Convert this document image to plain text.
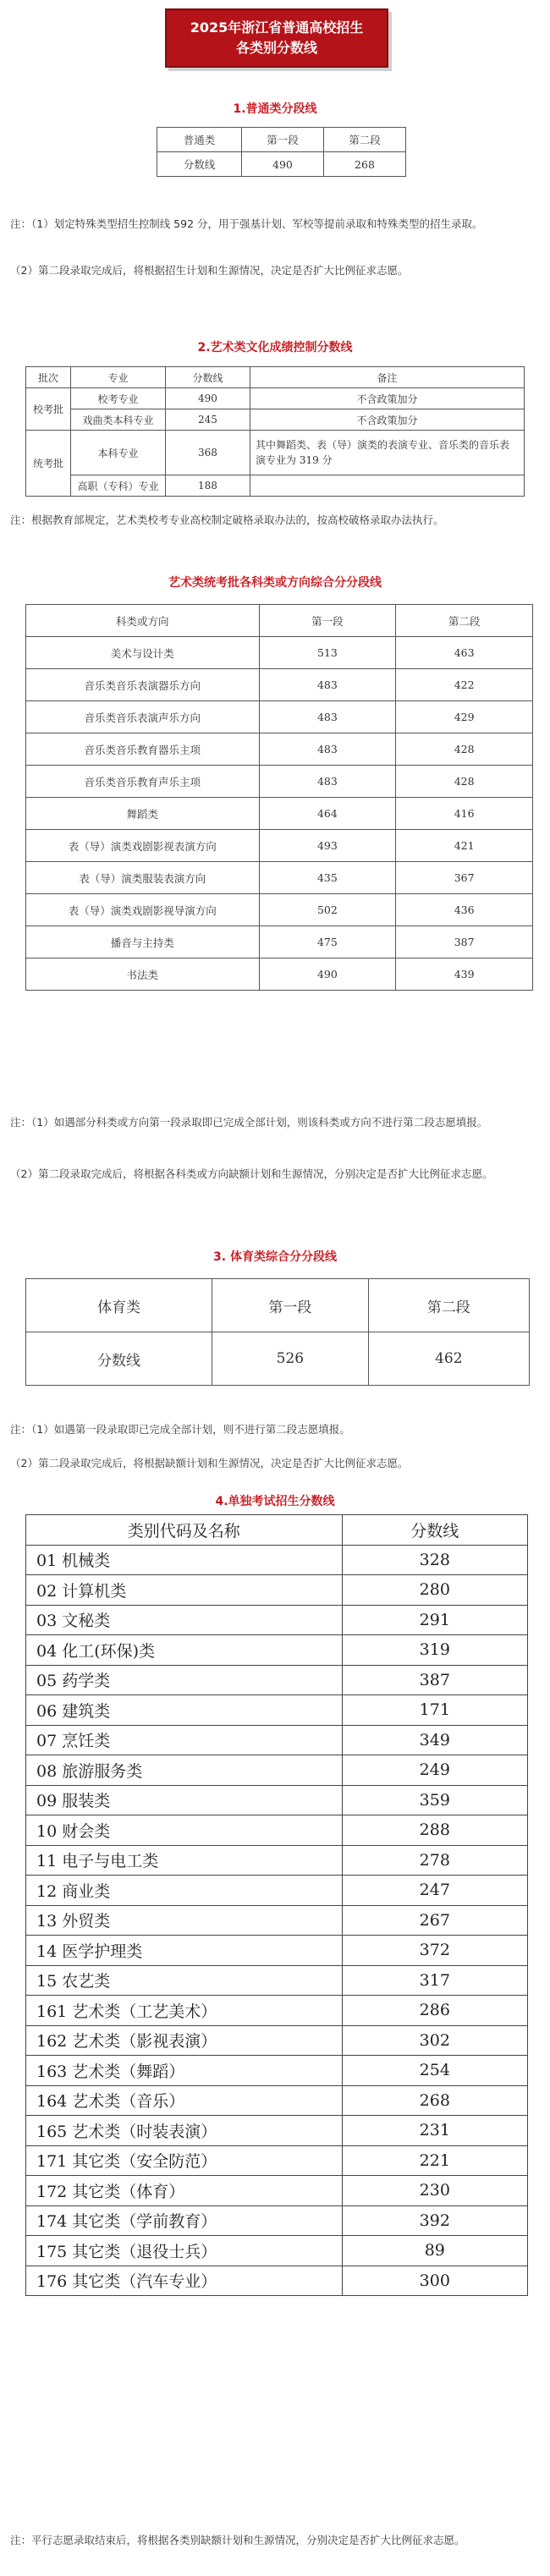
2025年浙江省普通高校招生
各类别分数线
1.普通类分段线
普通类	第一段	第二段
分数线	490	268
注：（1）划定特殊类型招生控制线 592 分，用于强基计划、军校等提前录取和特殊类型的招生录取。
（2）第二段录取完成后，将根据招生计划和生源情况，决定是否扩大比例征求志愿。
2.艺术类文化成绩控制分数线
批次	专业	分数线	备注
校考批	校考专业	490	不含政策加分
	戏曲类本科专业	245	不含政策加分
统考批	本科专业	368	其中舞蹈类、表（导）演类的表演专业、音乐类的音乐表演专业为 319 分
	高职（专科）专业	188	
注：根据教育部规定，艺术类校考专业高校制定破格录取办法的，按高校破格录取办法执行。
艺术类统考批各科类或方向综合分分段线
科类或方向	第一段	第二段
美术与设计类	513	463
音乐类音乐表演器乐方向	483	422
音乐类音乐表演声乐方向	483	429
音乐类音乐教育器乐主项	483	428
音乐类音乐教育声乐主项	483	428
舞蹈类	464	416
表（导）演类戏剧影视表演方向	493	421
表（导）演类服装表演方向	435	367
表（导）演类戏剧影视导演方向	502	436
播音与主持类	475	387
书法类	490	439
注：（1）如遇部分科类或方向第一段录取即已完成全部计划，则该科类或方向不进行第二段志愿填报。
（2）第二段录取完成后，将根据各科类或方向缺额计划和生源情况，分别决定是否扩大比例征求志愿。
3. 体育类综合分分段线
体育类	第一段	第二段
分数线	526	462
注：（1）如遇第一段录取即已完成全部计划，则不进行第二段志愿填报。
（2）第二段录取完成后，将根据缺额计划和生源情况，决定是否扩大比例征求志愿。
4.单独考试招生分数线
类别代码及名称	分数线
01 机械类	328
02 计算机类	280
03 文秘类	291
04 化工(环保)类	319
05 药学类	387
06 建筑类	171
07 烹饪类	349
08 旅游服务类	249
09 服装类	359
10 财会类	288
11 电子与电工类	278
12 商业类	247
13 外贸类	267
14 医学护理类	372
15 农艺类	317
161 艺术类（工艺美术）	286
162 艺术类（影视表演）	302
163 艺术类（舞蹈）	254
164 艺术类（音乐）	268
165 艺术类（时装表演）	231
171 其它类（安全防范）	221
172 其它类（体育）	230
174 其它类（学前教育）	392
175 其它类（退役士兵）	89
176 其它类（汽车专业）	300
注：平行志愿录取结束后，将根据各类别缺额计划和生源情况，分别决定是否扩大比例征求志愿。
